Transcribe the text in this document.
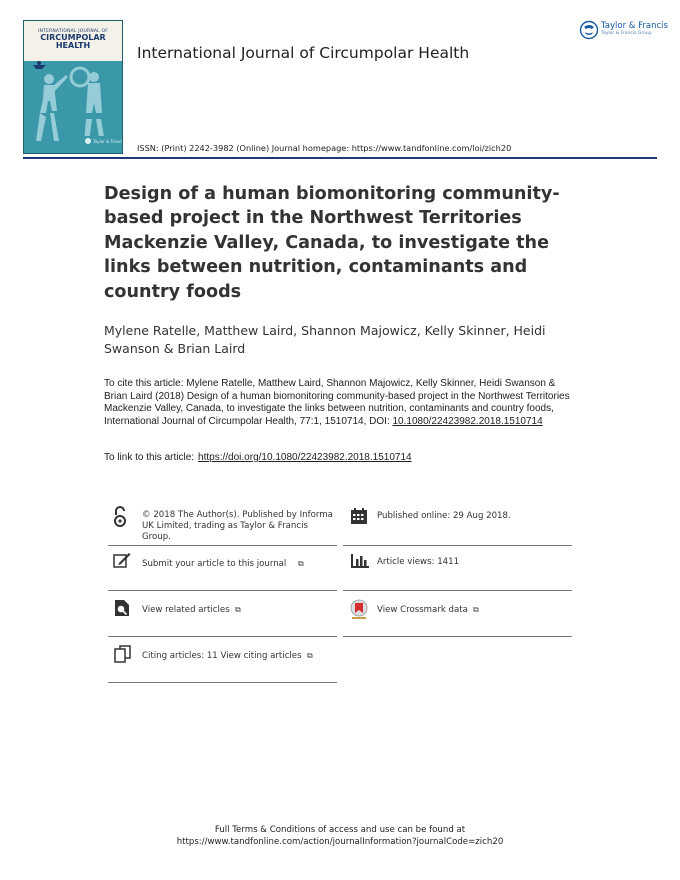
INTERNATIONAL JOURNAL OF
CIRCUMPOLAR
HEALTH
Taylor & Francis
Taylor & Francis
Taylor & Francis Group
International Journal of Circumpolar Health
ISSN: (Print) 2242-3982 (Online) Journal homepage: https://www.tandfonline.com/loi/zich20
Design of a human biomonitoring community-based project in the Northwest Territories Mackenzie Valley, Canada, to investigate the links between nutrition, contaminants and country foods
Mylene Ratelle, Matthew Laird, Shannon Majowicz, Kelly Skinner, Heidi Swanson & Brian Laird
To cite this article: Mylene Ratelle, Matthew Laird, Shannon Majowicz, Kelly Skinner, Heidi Swanson & Brian Laird (2018) Design of a human biomonitoring community-based project in the Northwest Territories Mackenzie Valley, Canada, to investigate the links between nutrition, contaminants and country foods, International Journal of Circumpolar Health, 77:1, 1510714, DOI: 10.1080/22423982.2018.1510714
To link to this article: https://doi.org/10.1080/22423982.2018.1510714
© 2018 The Author(s). Published by Informa
UK Limited, trading as Taylor & Francis
Group.
Submit your article to this journal ⧉
View related articles ⧉
Citing articles: 11 View citing articles ⧉
Published online: 29 Aug 2018.
Article views: 1411
View Crossmark data ⧉
Full Terms & Conditions of access and use can be found at
https://www.tandfonline.com/action/journalInformation?journalCode=zich20
